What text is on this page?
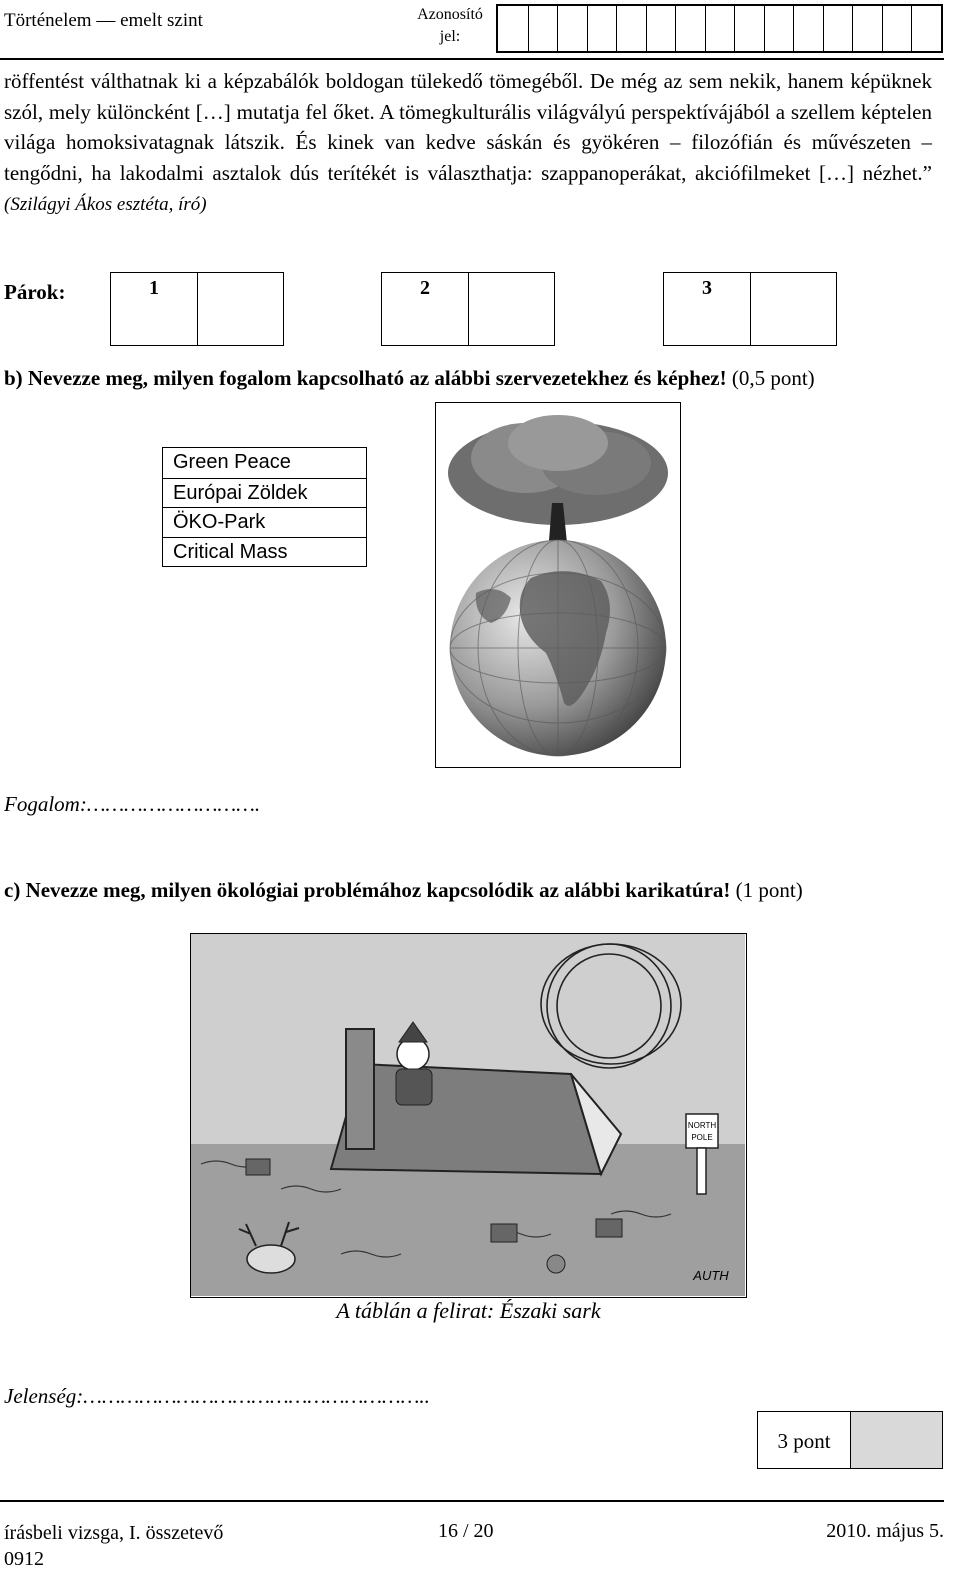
Történelem — emelt szint	Azonosító
jel:

röffentést válthatnak ki a képzabálók boldogan tülekedő tömegéből. De még az sem nekik, hanem képüknek szól, mely különcként […] mutatja fel őket. A tömegkulturális világvályú perspektívájából a szellem képtelen világa homoksivatagnak látszik. És kinek van kedve sáskán és gyökéren – filozófián és művészeten – tengődni, ha lakodalmi asztalok dús terítékét is választhatja: szappanoperákat, akciófilmeket […] nézhet.” (Szilágyi Ákos esztéta, író)

Párok:	1	2	3

b) Nevezze meg, milyen fogalom kapcsolható az alábbi szervezetekhez és képhez! (0,5 pont)

Green Peace
Európai Zöldek
ÖKO-Park
Critical Mass

Fogalom:……………………….

c) Nevezze meg, milyen ökológiai problémához kapcsolódik az alábbi karikatúra! (1 pont)

NORTH
POLE
AUTH

A táblán a felirat: Északi sark

Jelenség:………………………………………………..

3 pont
írásbeli vizsga, I. összetevő
0912
16 / 20	2010. május 5.
